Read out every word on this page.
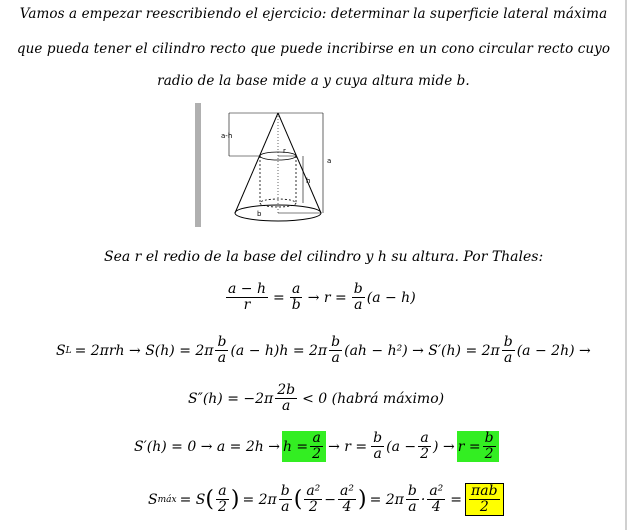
Vamos a empezar reescribiendo el ejercicio: determinar la superficie lateral máxima
que pueda tener el cilindro recto que puede incribirse en un cono circular recto cuyo
radio de la base mide a y cuya altura mide b.
a-h
r
a
h
b
Sea r el redio de la base del cilindro y h su altura. Por Thales:
$\frac{a - h}{r} = \frac{a}{b} \to r = \frac{b}{a} (a - h)$
S $L = 2\pi rh \to S(h) = 2\pi \frac{b}{a} (a - h)h = 2\pi \frac{b}{a} (ah - h^2) \to S'(h) = 2\pi \frac{b}{a} (a - 2h)$ →
$S''(h) = -2\pi \frac{2b}{a} < 0$ (habrá máximo)
$S'(h) = 0 \to a = 2h \to h = \frac{a}{2} \to r = \frac{b}{a} (a - \frac{a}{2}$ ) → $r = \frac{b}{2}$
S máx = S ( $\frac{a}{2}$ ) = $2\pi \frac{b}{a}$ ( $\frac{\text{a²}}{2} - \frac{\text{a²}}{4}$ ) = $2\pi \frac{b}{a} \cdot \frac{\text{a²}}{4} = \frac{\text{πab}}{2}$
